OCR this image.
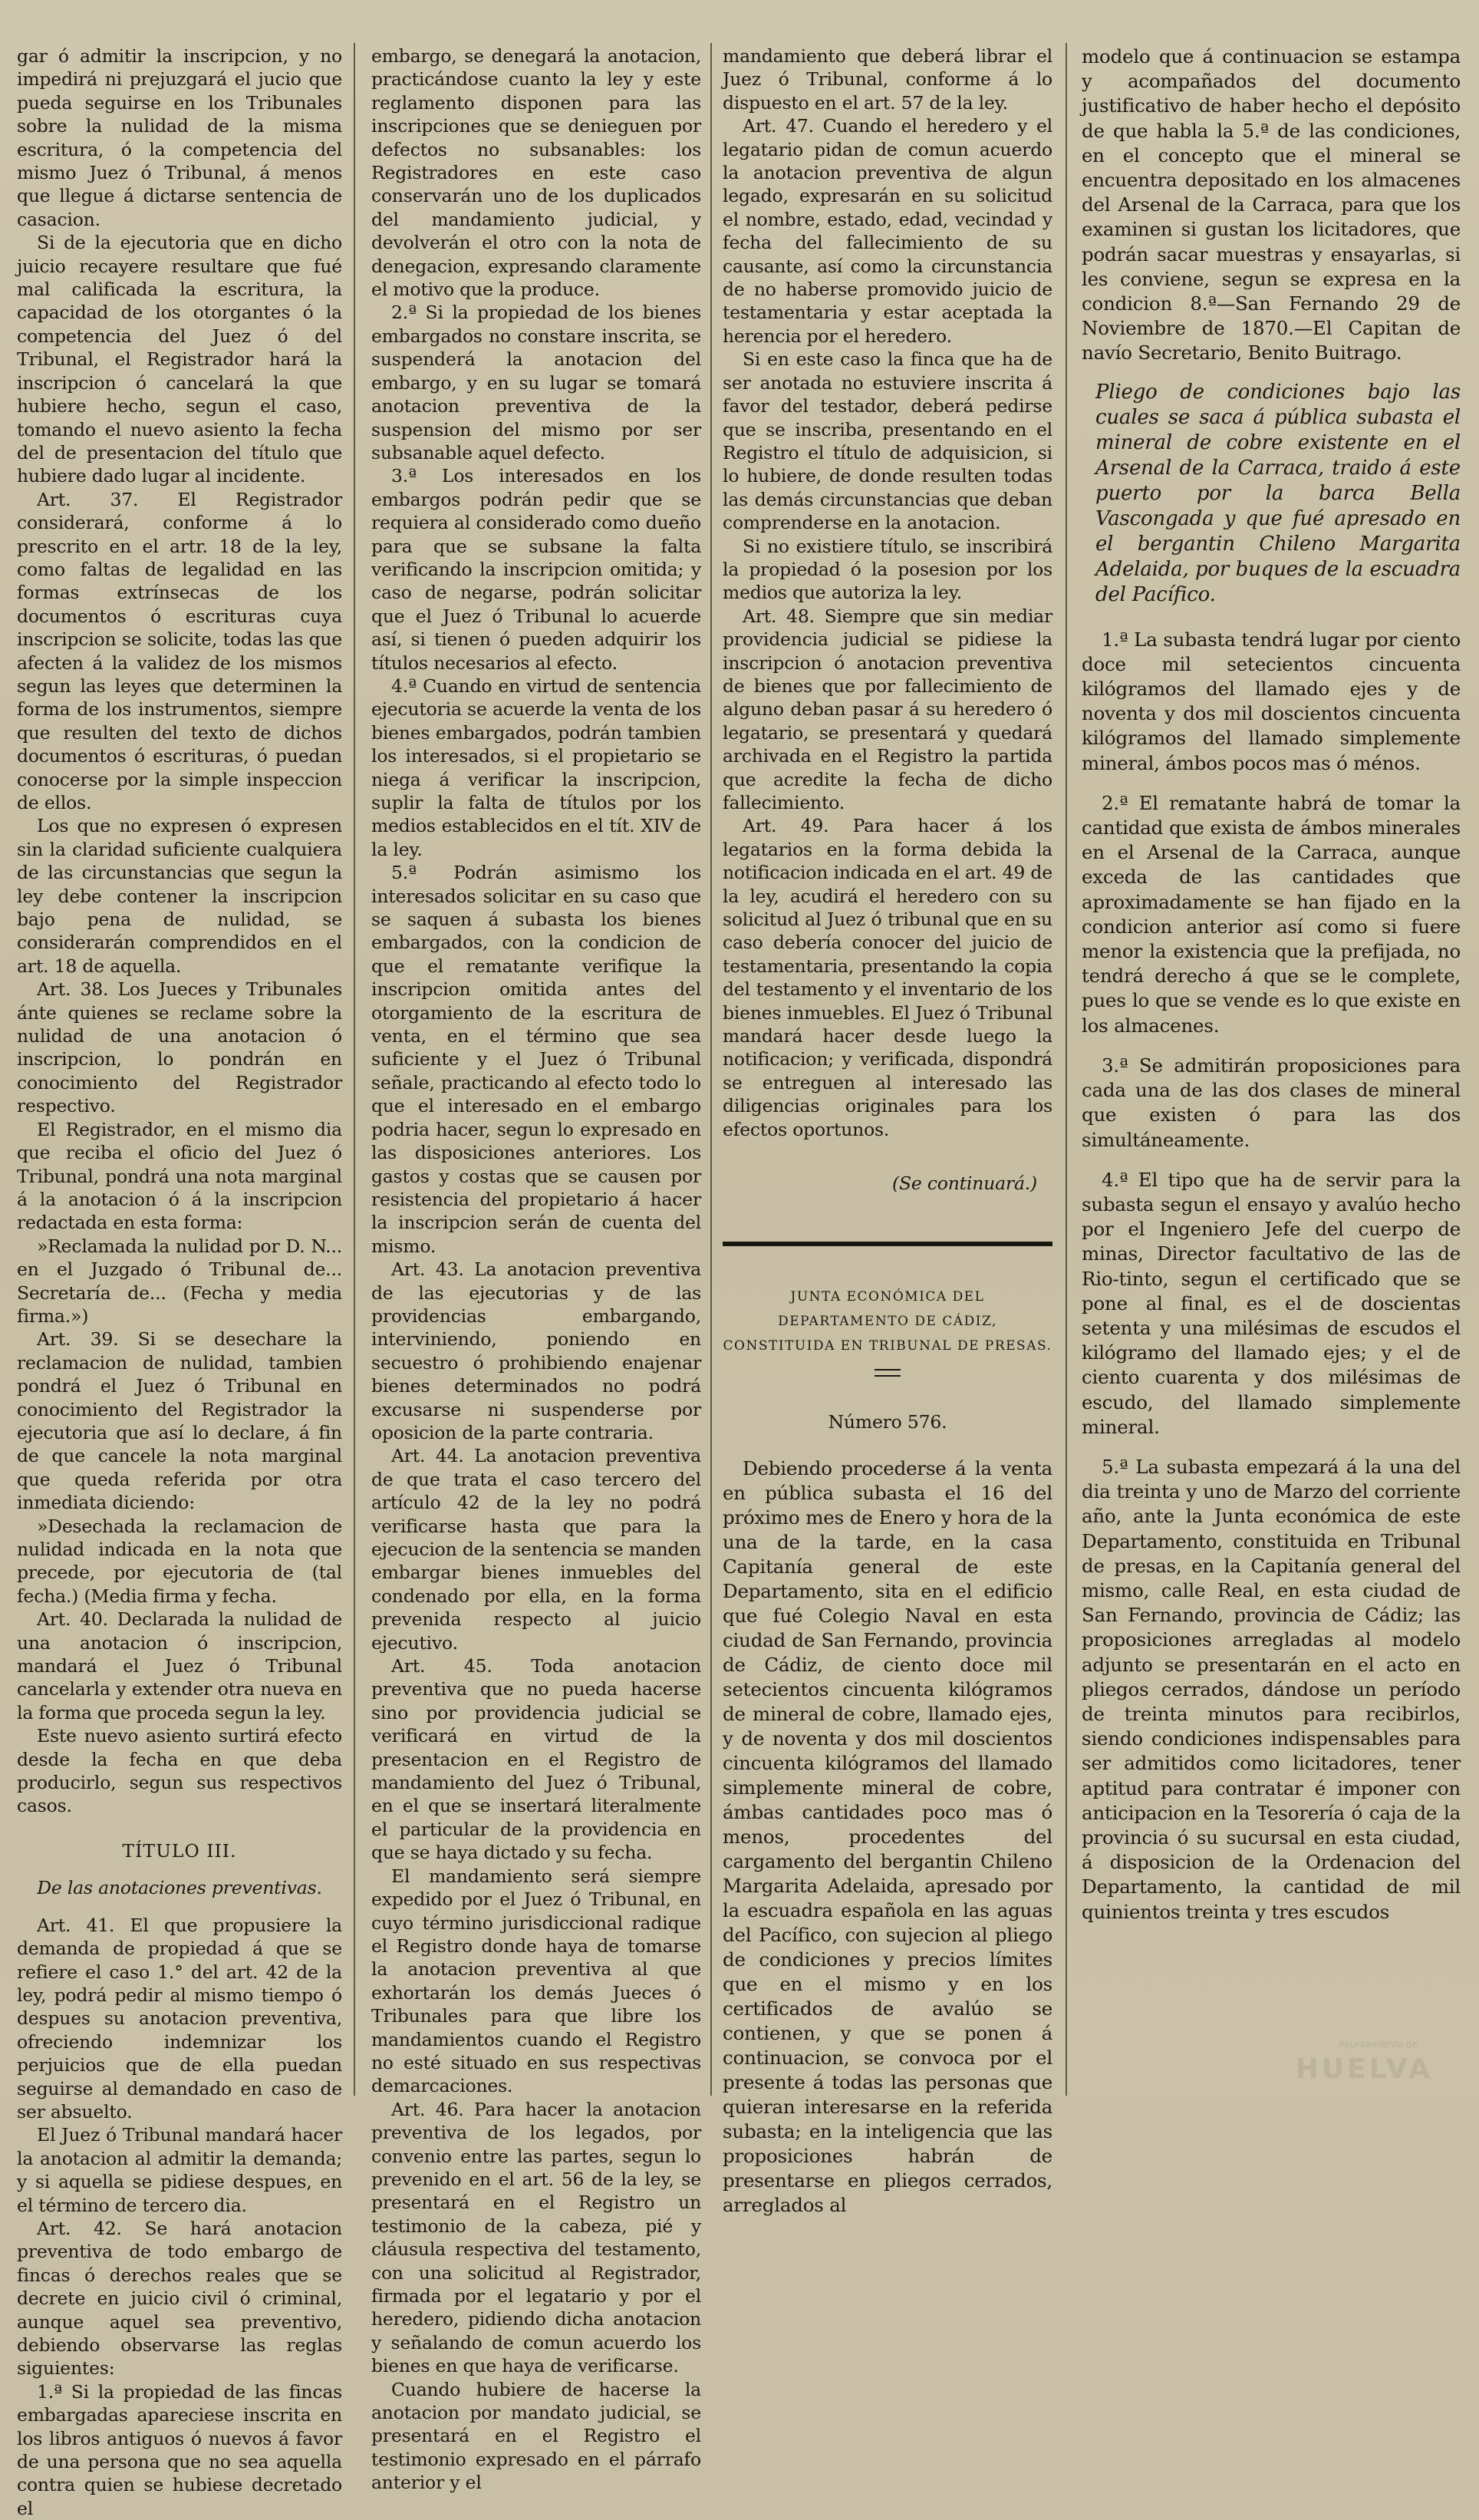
gar ó admitir la inscripcion, y no impedirá ni prejuzgará el jucio que pueda seguirse en los Tribunales sobre la nulidad de la misma escritura, ó la competencia del mismo Juez ó Tribunal, á menos que llegue á dictarse sentencia de casacion.

Si de la ejecutoria que en dicho juicio recayere resultare que fué mal calificada la escritura, la capacidad de los otorgantes ó la competencia del Juez ó del Tribunal, el Registrador hará la inscripcion ó cancelará la que hubiere hecho, segun el caso, tomando el nuevo asiento la fecha del de presentacion del título que hubiere dado lugar al incidente.

Art. 37. El Registrador considerará, conforme á lo prescrito en el artr. 18 de la ley, como faltas de legalidad en las formas extrínsecas de los documentos ó escrituras cuya inscripcion se solicite, todas las que afecten á la validez de los mismos segun las leyes que determinen la forma de los instrumentos, siempre que resulten del texto de dichos documentos ó escrituras, ó puedan conocerse por la simple inspeccion de ellos.

Los que no expresen ó expresen sin la claridad suficiente cualquiera de las circunstancias que segun la ley debe contener la inscripcion bajo pena de nulidad, se considerarán comprendidos en el art. 18 de aquella.

Art. 38. Los Jueces y Tribunales ánte quienes se reclame sobre la nulidad de una anotacion ó inscripcion, lo pondrán en conocimiento del Registrador respectivo.

El Registrador, en el mismo dia que reciba el oficio del Juez ó Tribunal, pondrá una nota marginal á la anotacion ó á la inscripcion redactada en esta forma:

»Reclamada la nulidad por D. N... en el Juzgado ó Tribunal de... Secretaría de... (Fecha y media firma.»)

Art. 39. Si se desechare la reclamacion de nulidad, tambien pondrá el Juez ó Tribunal en conocimiento del Registrador la ejecutoria que así lo declare, á fin de que cancele la nota marginal que queda referida por otra inmediata diciendo:

»Desechada la reclamacion de nulidad indicada en la nota que precede, por ejecutoria de (tal fecha.) (Media firma y fecha.

Art. 40. Declarada la nulidad de una anotacion ó inscripcion, mandará el Juez ó Tribunal cancelarla y extender otra nueva en la forma que proceda segun la ley.

Este nuevo asiento surtirá efecto desde la fecha en que deba producirlo, segun sus respectivos casos.

TÍTULO III.

De las anotaciones preventivas.

Art. 41. El que propusiere la demanda de propiedad á que se refiere el caso 1.° del art. 42 de la ley, podrá pedir al mismo tiempo ó despues su anotacion preventiva, ofreciendo indemnizar los perjuicios que de ella puedan seguirse al demandado en caso de ser absuelto.

El Juez ó Tribunal mandará hacer la anotacion al admitir la demanda; y si aquella se pidiese despues, en el término de tercero dia.

Art. 42. Se hará anotacion preventiva de todo embargo de fincas ó derechos reales que se decrete en juicio civil ó criminal, aunque aquel sea preventivo, debiendo observarse las reglas siguientes:

1.ª Si la propiedad de las fincas embargadas apareciese inscrita en los libros antiguos ó nuevos á favor de una persona que no sea aquella contra quien se hubiese decretado el

embargo, se denegará la anotacion, practicándose cuanto la ley y este reglamento disponen para las inscripciones que se denieguen por defectos no subsanables: los Registradores en este caso conservarán uno de los duplicados del mandamiento judicial, y devolverán el otro con la nota de denegacion, expresando claramente el motivo que la produce.

2.ª Si la propiedad de los bienes embargados no constare inscrita, se suspenderá la anotacion del embargo, y en su lugar se tomará anotacion preventiva de la suspension del mismo por ser subsanable aquel defecto.

3.ª Los interesados en los embargos podrán pedir que se requiera al considerado como dueño para que se subsane la falta verificando la inscripcion omitida; y caso de negarse, podrán solicitar que el Juez ó Tribunal lo acuerde así, si tienen ó pueden adquirir los títulos necesarios al efecto.

4.ª Cuando en virtud de sentencia ejecutoria se acuerde la venta de los bienes embargados, podrán tambien los interesados, si el propietario se niega á verificar la inscripcion, suplir la falta de títulos por los medios establecidos en el tít. XIV de la ley.

5.ª Podrán asimismo los interesados solicitar en su caso que se saquen á subasta los bienes embargados, con la condicion de que el rematante verifique la inscripcion omitida antes del otorgamiento de la escritura de venta, en el término que sea suficiente y el Juez ó Tribunal señale, practicando al efecto todo lo que el interesado en el embargo podria hacer, segun lo expresado en las disposiciones anteriores. Los gastos y costas que se causen por resistencia del propietario á hacer la inscripcion serán de cuenta del mismo.

Art. 43. La anotacion preventiva de las ejecutorias y de las providencias embargando, interviniendo, poniendo en secuestro ó prohibiendo enajenar bienes determinados no podrá excusarse ni suspenderse por oposicion de la parte contraria.

Art. 44. La anotacion preventiva de que trata el caso tercero del artículo 42 de la ley no podrá verificarse hasta que para la ejecucion de la sentencia se manden embargar bienes inmuebles del condenado por ella, en la forma prevenida respecto al juicio ejecutivo.

Art. 45. Toda anotacion preventiva que no pueda hacerse sino por providencia judicial se verificará en virtud de la presentacion en el Registro de mandamiento del Juez ó Tribunal, en el que se insertará literalmente el particular de la providencia en que se haya dictado y su fecha.

El mandamiento será siempre expedido por el Juez ó Tribunal, en cuyo término jurisdiccional radique el Registro donde haya de tomarse la anotacion preventiva al que exhortarán los demás Jueces ó Tribunales para que libre los mandamientos cuando el Registro no esté situado en sus respectivas demarcaciones.

Art. 46. Para hacer la anotacion preventiva de los legados, por convenio entre las partes, segun lo prevenido en el art. 56 de la ley, se presentará en el Registro un testimonio de la cabeza, pié y cláusula respectiva del testamento, con una solicitud al Registrador, firmada por el legatario y por el heredero, pidiendo dicha anotacion y señalando de comun acuerdo los bienes en que haya de verificarse.

Cuando hubiere de hacerse la anotacion por mandato judicial, se presentará en el Registro el testimonio expresado en el párrafo anterior y el

mandamiento que deberá librar el Juez ó Tribunal, conforme á lo dispuesto en el art. 57 de la ley.

Art. 47. Cuando el heredero y el legatario pidan de comun acuerdo la anotacion preventiva de algun legado, expresarán en su solicitud el nombre, estado, edad, vecindad y fecha del fallecimiento de su causante, así como la circunstancia de no haberse promovido juicio de testamentaria y estar aceptada la herencia por el heredero.

Si en este caso la finca que ha de ser anotada no estuviere inscrita á favor del testador, deberá pedirse que se inscriba, presentando en el Registro el título de adquisicion, si lo hubiere, de donde resulten todas las demás circunstancias que deban comprenderse en la anotacion.

Si no existiere título, se inscribirá la propiedad ó la posesion por los medios que autoriza la ley.

Art. 48. Siempre que sin mediar providencia judicial se pidiese la inscripcion ó anotacion preventiva de bienes que por fallecimiento de alguno deban pasar á su heredero ó legatario, se presentará y quedará archivada en el Registro la partida que acredite la fecha de dicho fallecimiento.

Art. 49. Para hacer á los legatarios en la forma debida la notificacion indicada en el art. 49 de la ley, acudirá el heredero con su solicitud al Juez ó tribunal que en su caso debería conocer del juicio de testamentaria, presentando la copia del testamento y el inventario de los bienes inmuebles. El Juez ó Tribunal mandará hacer desde luego la notificacion; y verificada, dispondrá se entreguen al interesado las diligencias originales para los efectos oportunos.

(Se continuará.)

JUNTA ECONÓMICA DEL DEPARTAMENTO DE CÁDIZ, CONSTITUIDA EN TRIBUNAL DE PRESAS.

Número 576.

Debiendo procederse á la venta en pública subasta el 16 del próximo mes de Enero y hora de la una de la tarde, en la casa Capitanía general de este Departamento, sita en el edificio que fué Colegio Naval en esta ciudad de San Fernando, provincia de Cádiz, de ciento doce mil setecientos cincuenta kilógramos de mineral de cobre, llamado ejes, y de noventa y dos mil doscientos cincuenta kilógramos del llamado simplemente mineral de cobre, ámbas cantidades poco mas ó menos, procedentes del cargamento del bergantin Chileno Margarita Adelaida, apresado por la escuadra española en las aguas del Pacífico, con sujecion al pliego de condiciones y precios límites que en el mismo y en los certificados de avalúo se contienen, y que se ponen á continuacion, se convoca por el presente á todas las personas que quieran interesarse en la referida subasta; en la inteligencia que las proposiciones habrán de presentarse en pliegos cerrados, arreglados al

modelo que á continuacion se estampa y acompañados del documento justificativo de haber hecho el depósito de que habla la 5.ª de las condiciones, en el concepto que el mineral se encuentra depositado en los almacenes del Arsenal de la Carraca, para que los examinen si gustan los licitadores, que podrán sacar muestras y ensayarlas, si les conviene, segun se expresa en la condicion 8.ª—San Fernando 29 de Noviembre de 1870.—El Capitan de navío Secretario, Benito Buitrago.

Pliego de condiciones bajo las cuales se saca á pública subasta el mineral de cobre existente en el Arsenal de la Carraca, traido á este puerto por la barca Bella Vascongada y que fué apresado en el bergantin Chileno Margarita Adelaida, por buques de la escuadra del Pacífico.

1.ª La subasta tendrá lugar por ciento doce mil setecientos cincuenta kilógramos del llamado ejes y de noventa y dos mil doscientos cincuenta kilógramos del llamado simplemente mineral, ámbos pocos mas ó ménos.

2.ª El rematante habrá de tomar la cantidad que exista de ámbos minerales en el Arsenal de la Carraca, aunque exceda de las cantidades que aproximadamente se han fijado en la condicion anterior así como si fuere menor la existencia que la prefijada, no tendrá derecho á que se le complete, pues lo que se vende es lo que existe en los almacenes.

3.ª Se admitirán proposiciones para cada una de las dos clases de mineral que existen ó para las dos simultáneamente.

4.ª El tipo que ha de servir para la subasta segun el ensayo y avalúo hecho por el Ingeniero Jefe del cuerpo de minas, Director facultativo de las de Rio-tinto, segun el certificado que se pone al final, es el de doscientas setenta y una milésimas de escudos el kilógramo del llamado ejes; y el de ciento cuarenta y dos milésimas de escudo, del llamado simplemente mineral.

5.ª La subasta empezará á la una del dia treinta y uno de Marzo del corriente año, ante la Junta económica de este Departamento, constituida en Tribunal de presas, en la Capitanía general del mismo, calle Real, en esta ciudad de San Fernando, provincia de Cádiz; las proposiciones arregladas al modelo adjunto se presentarán en el acto en pliegos cerrados, dándose un período de treinta minutos para recibirlos, siendo condiciones indispensables para ser admitidos como licitadores, tener aptitud para contratar é imponer con anticipacion en la Tesorería ó caja de la provincia ó su sucursal en esta ciudad, á disposicion de la Ordenacion del Departamento, la cantidad de mil quinientos treinta y tres escudos

Ayuntamiento de
HUELVA
